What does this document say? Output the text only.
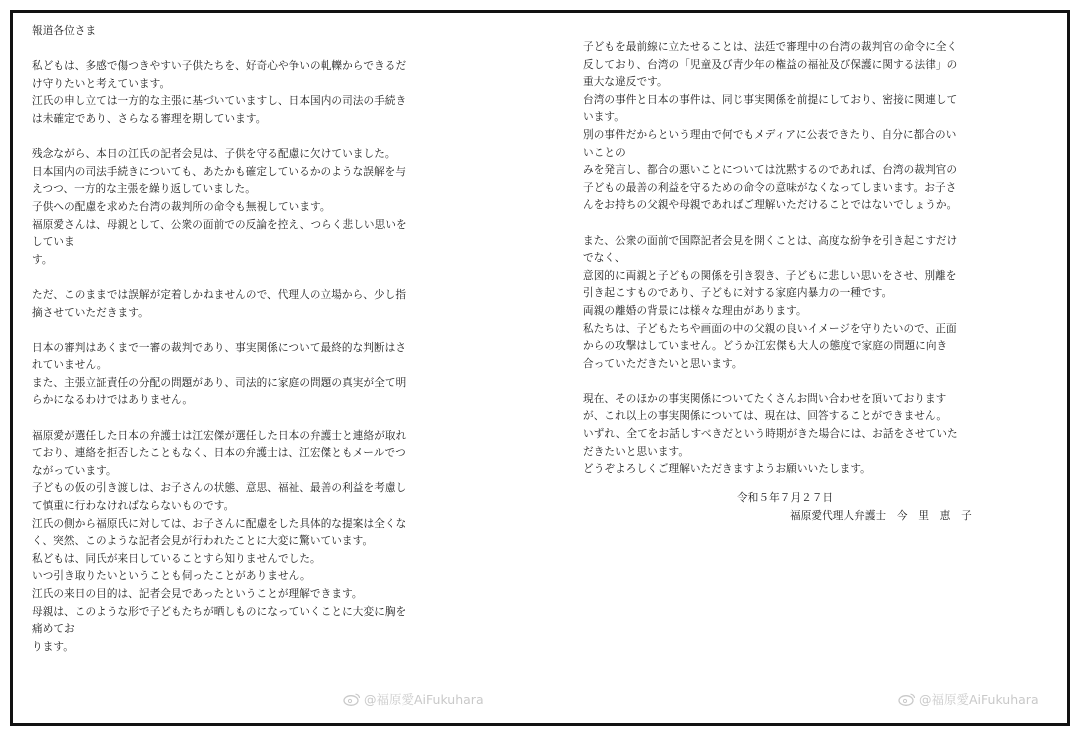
報道各位さま
私どもは、多感で傷つきやすい子供たちを、好奇心や争いの軋轢からできるだ
け守りたいと考えています。
江氏の申し立ては一方的な主張に基づいていますし、日本国内の司法の手続き
は未確定であり、さらなる審理を期しています。
残念ながら、本日の江氏の記者会見は、子供を守る配慮に欠けていました。
日本国内の司法手続きについても、あたかも確定しているかのような誤解を与
えつつ、一方的な主張を繰り返していました。
子供への配慮を求めた台湾の裁判所の命令も無視しています。
福原愛さんは、母親として、公衆の面前での反論を控え、つらく悲しい思いを
していま
す。
ただ、このままでは誤解が定着しかねませんので、代理人の立場から、少し指
摘させていただきます。
日本の審判はあくまで一審の裁判であり、事実関係について最終的な判断はさ
れていません。
また、主張立証責任の分配の問題があり、司法的に家庭の問題の真実が全て明
らかになるわけではありません。
福原愛が選任した日本の弁護士は江宏傑が選任した日本の弁護士と連絡が取れ
ており、連絡を拒否したこともなく、日本の弁護士は、江宏傑ともメールでつ
ながっています。
子どもの仮の引き渡しは、お子さんの状態、意思、福祉、最善の利益を考慮し
て慎重に行わなければならないものです。
江氏の側から福原氏に対しては、お子さんに配慮をした具体的な提案は全くな
く、突然、このような記者会見が行われたことに大変に驚いています。
私どもは、同氏が来日していることすら知りませんでした。
いつ引き取りたいということも伺ったことがありません。
江氏の来日の目的は、記者会見であったということが理解できます。
母親は、このような形で子どもたちが晒しものになっていくことに大変に胸を
痛めてお
ります。
子どもを最前線に立たせることは、法廷で審理中の台湾の裁判官の命令に全く
反しており、台湾の「児童及び青少年の権益の福祉及び保護に関する法律」の
重大な違反です。
台湾の事件と日本の事件は、同じ事実関係を前提にしており、密接に関連して
います。
別の事件だからという理由で何でもメディアに公表できたり、自分に都合のい
いことの
みを発言し、都合の悪いことについては沈黙するのであれば、台湾の裁判官の
子どもの最善の利益を守るための命令の意味がなくなってしまいます。お子さ
んをお持ちの父親や母親であればご理解いただけることではないでしょうか。
また、公衆の面前で国際記者会見を開くことは、高度な紛争を引き起こすだけ
でなく、
意図的に両親と子どもの関係を引き裂き、子どもに悲しい思いをさせ、別離を
引き起こすものであり、子どもに対する家庭内暴力の一種です。
両親の離婚の背景には様々な理由があります。
私たちは、子どもたちや画面の中の父親の良いイメージを守りたいので、正面
からの攻撃はしていません。どうか江宏傑も大人の態度で家庭の問題に向き
合っていただきたいと思います。
現在、そのほかの事実関係についてたくさんお問い合わせを頂いております
が、これ以上の事実関係については、現在は、回答することができません。
いずれ、全てをお話しすべきだという時期がきた場合には、お話をさせていた
だきたいと思います。
どうぞよろしくご理解いただきますようお願いいたします。
令和５年７月２７日
福原愛代理人弁護士　今　里　恵　子
@福原愛AiFukuhara	@福原愛AiFukuhara
